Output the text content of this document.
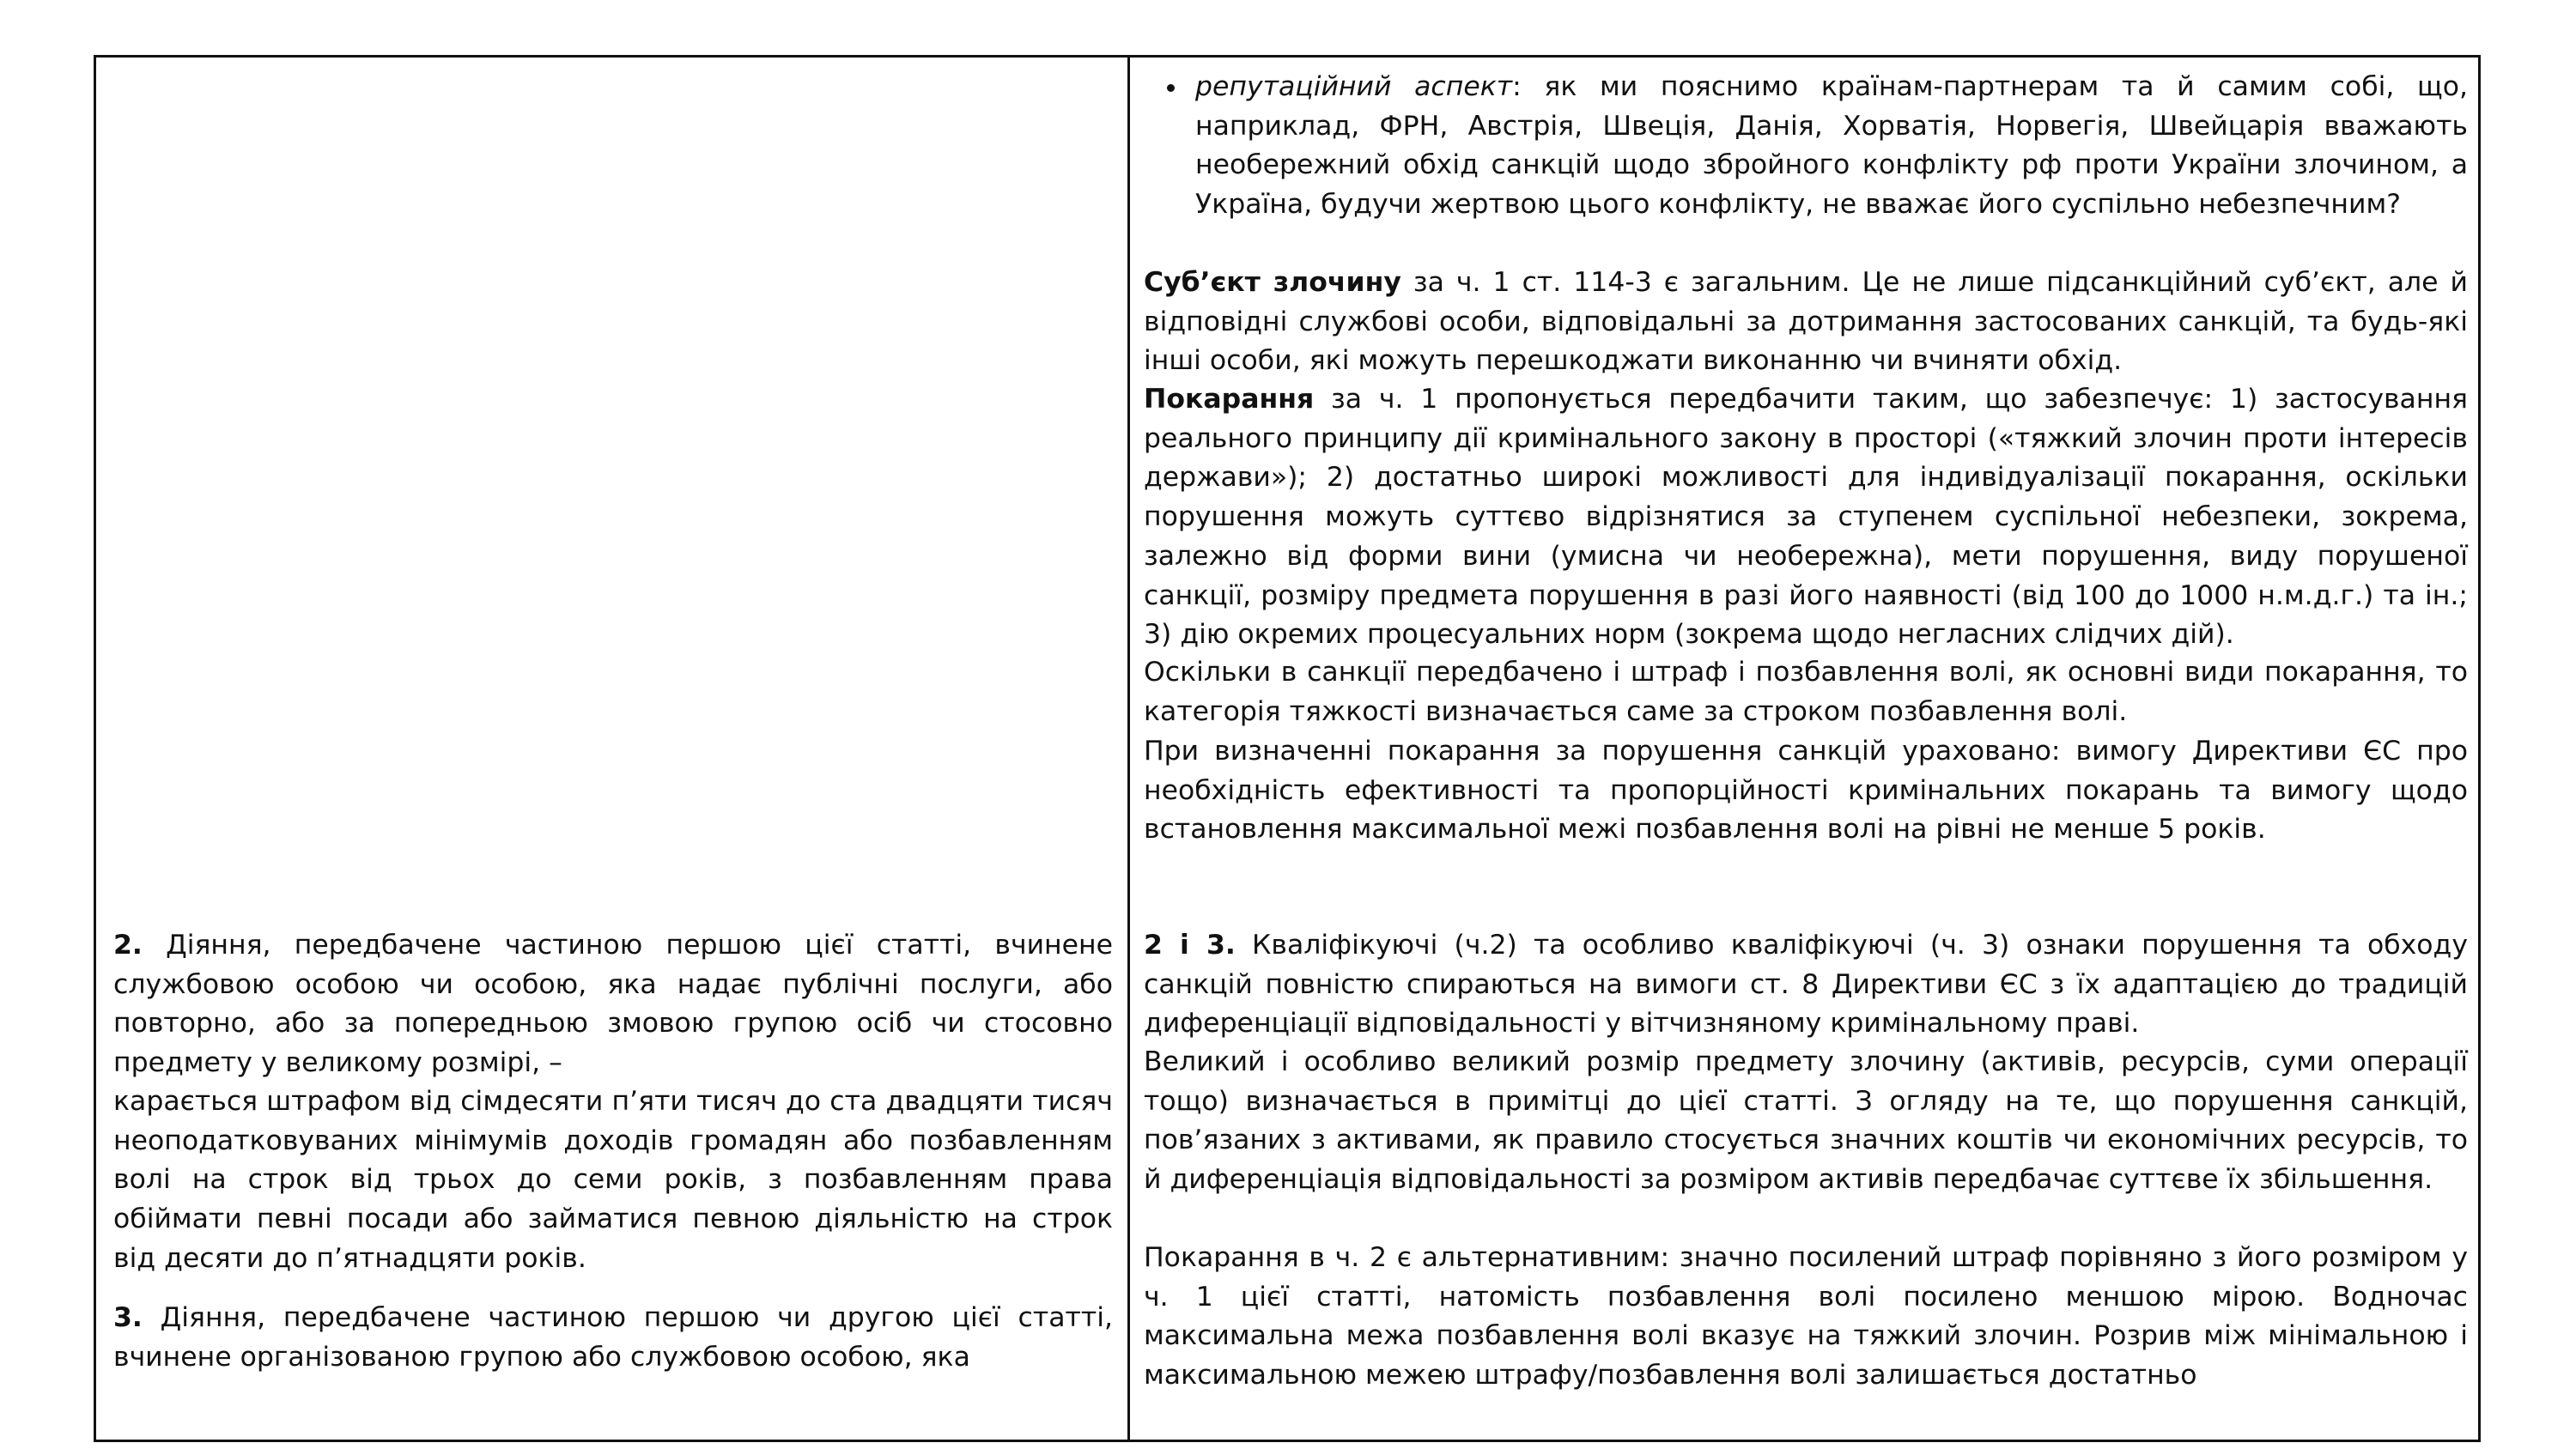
2. Діяння, передбачене частиною першою цієї статті, вчинене службовою особою чи особою, яка надає публічні послуги, або повторно, або за попередньою змовою групою осіб чи стосовно предмету у великому розмірі, –

карається штрафом від сімдесяти п’яти тисяч до ста двадцяти тисяч неоподатковуваних мінімумів доходів громадян або позбавленням волі на строк від трьох до семи років, з позбавленням права обіймати певні посади або займатися певною діяльністю на строк від десяти до п’ятнадцяти років.

3. Діяння, передбачене частиною першою чи другою цієї статті, вчинене організованою групою або службовою особою, яка

репутаційний аспект: як ми пояснимо країнам-партнерам та й самим собі, що, наприклад, ФРН, Австрія, Швеція, Данія, Хорватія, Норвегія, Швейцарія вважають необережний обхід санкцій щодо збройного конфлікту рф проти України злочином, а Україна, будучи жертвою цього конфлікту, не вважає його суспільно небезпечним?

Суб’єкт злочину за ч. 1 ст. 114-3 є загальним. Це не лише підсанкційний суб’єкт, але й відповідні службові особи, відповідальні за дотримання застосованих санкцій, та будь-які інші особи, які можуть перешкоджати виконанню чи вчиняти обхід.

Покарання за ч. 1 пропонується передбачити таким, що забезпечує: 1) застосування реального принципу дії кримінального закону в просторі («тяжкий злочин проти інтересів держави»); 2) достатньо широкі можливості для індивідуалізації покарання, оскільки порушення можуть суттєво відрізнятися за ступенем суспільної небезпеки, зокрема, залежно від форми вини (умисна чи необережна), мети порушення, виду порушеної санкції, розміру предмета порушення в разі його наявності (від 100 до 1000 н.м.д.г.) та ін.; 3) дію окремих процесуальних норм (зокрема щодо негласних слідчих дій).

Оскільки в санкції передбачено і штраф і позбавлення волі, як основні види покарання, то категорія тяжкості визначається саме за строком позбавлення волі.

При визначенні покарання за порушення санкцій ураховано: вимогу Директиви ЄС про необхідність ефективності та пропорційності кримінальних покарань та вимогу щодо встановлення максимальної межі позбавлення волі на рівні не менше 5 років.

2 і 3. Кваліфікуючі (ч.2) та особливо кваліфікуючі (ч. 3) ознаки порушення та обходу санкцій повністю спираються на вимоги ст. 8 Директиви ЄС з їх адаптацією до традицій диференціації відповідальності у вітчизняному кримінальному праві.

Великий і особливо великий розмір предмету злочину (активів, ресурсів, суми операції тощо) визначається в примітці до цієї статті. З огляду на те, що порушення санкцій, пов’язаних з активами, як правило стосується значних коштів чи економічних ресурсів, то й диференціація відповідальності за розміром активів передбачає суттєве їх збільшення.

Покарання в ч. 2 є альтернативним: значно посилений штраф порівняно з його розміром у ч. 1 цієї статті, натомість позбавлення волі посилено меншою мірою. Водночас максимальна межа позбавлення волі вказує на тяжкий злочин. Розрив між мінімальною і максимальною межею штрафу/позбавлення волі залишається достатньо
